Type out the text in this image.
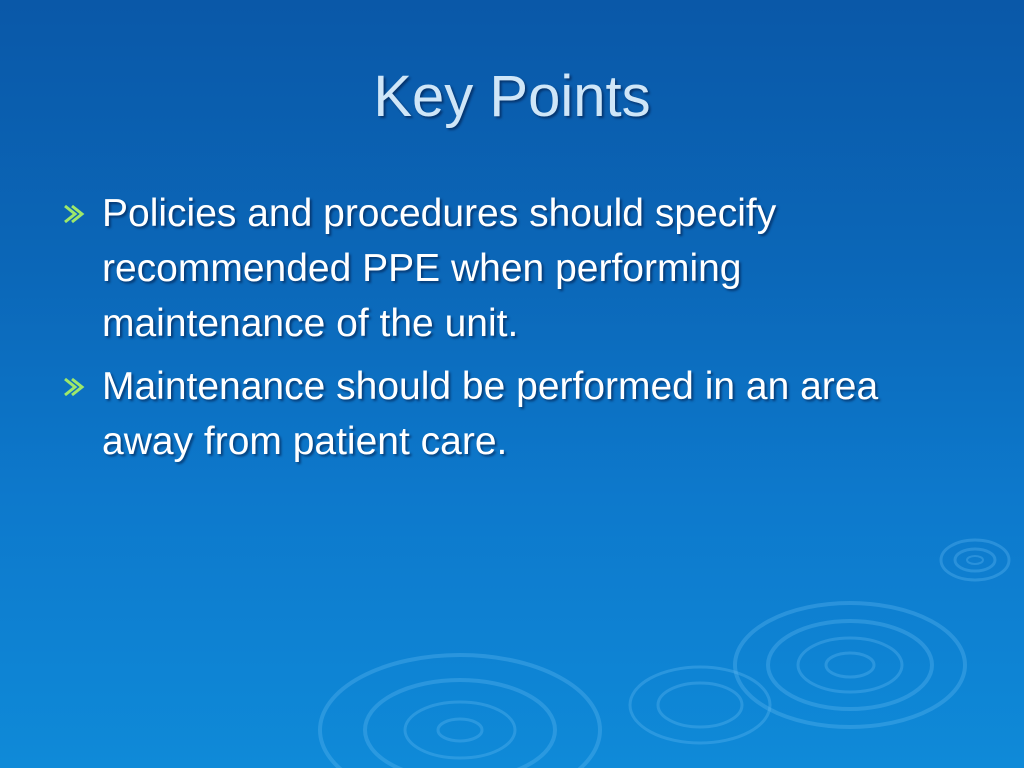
Key Points
Policies and procedures should specify recommended PPE when performing maintenance of the unit.
Maintenance should be performed in an area away from patient care.
